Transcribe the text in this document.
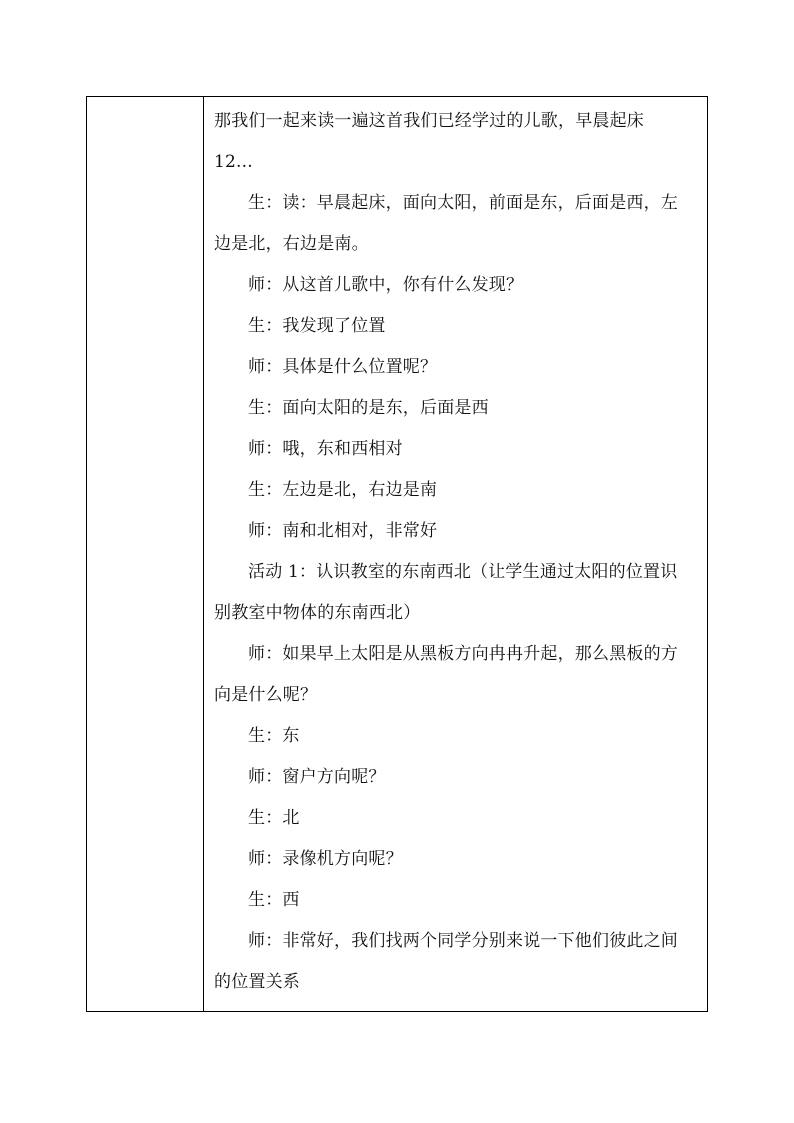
那我们一起来读一遍这首我们已经学过的儿歌，早晨起床
12...
生：读：早晨起床，面向太阳，前面是东，后面是西，左
边是北，右边是南。
师：从这首儿歌中，你有什么发现？
生：我发现了位置
师：具体是什么位置呢？
生：面向太阳的是东，后面是西
师：哦，东和西相对
生：左边是北，右边是南
师：南和北相对，非常好
活动 1：认识教室的东南西北（让学生通过太阳的位置识
别教室中物体的东南西北）
师：如果早上太阳是从黑板方向冉冉升起，那么黑板的方
向是什么呢？
生：东
师：窗户方向呢？
生：北
师：录像机方向呢？
生：西
师：非常好，我们找两个同学分别来说一下他们彼此之间
的位置关系
